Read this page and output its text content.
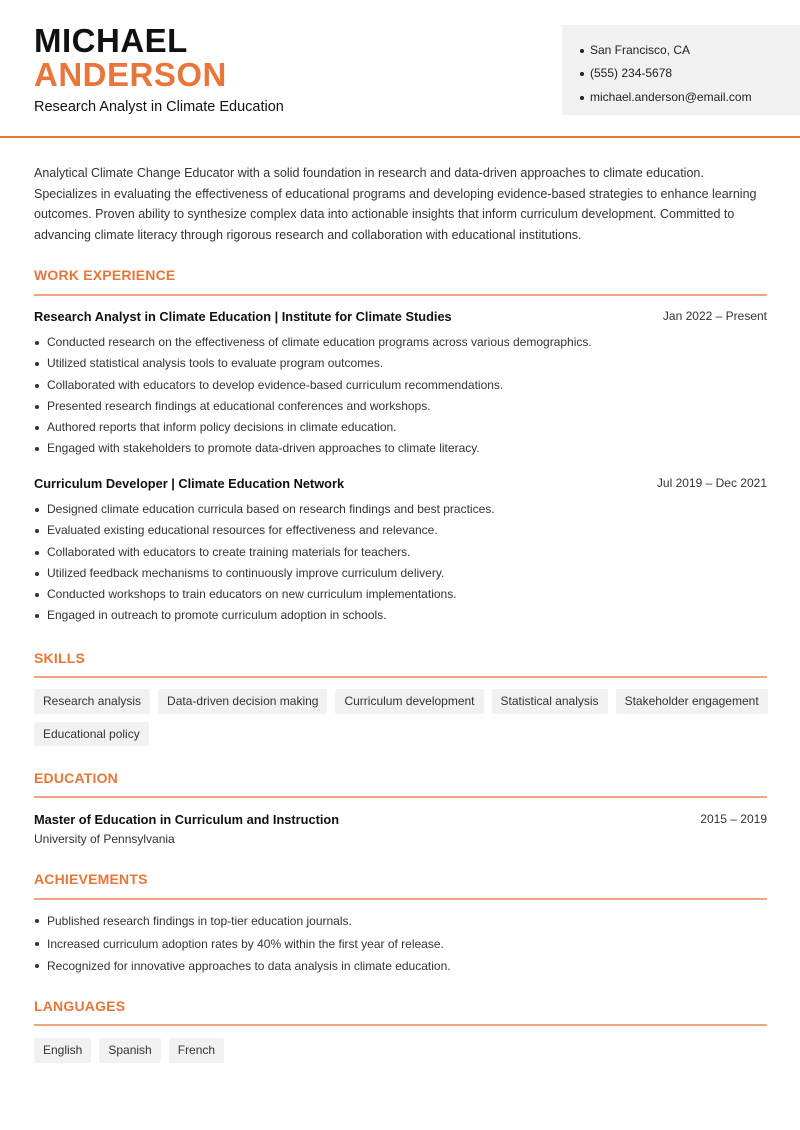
MICHAEL
ANDERSON
Research Analyst in Climate Education
San Francisco, CA
(555) 234-5678
michael.anderson@email.com

Analytical Climate Change Educator with a solid foundation in research and data-driven approaches to climate education. Specializes in evaluating the effectiveness of educational programs and developing evidence-based strategies to enhance learning outcomes. Proven ability to synthesize complex data into actionable insights that inform curriculum development. Committed to advancing climate literacy through rigorous research and collaboration with educational institutions.

WORK EXPERIENCE
Research Analyst in Climate Education | Institute for Climate Studies	Jan 2022 – Present
Conducted research on the effectiveness of climate education programs across various demographics.
Utilized statistical analysis tools to evaluate program outcomes.
Collaborated with educators to develop evidence-based curriculum recommendations.
Presented research findings at educational conferences and workshops.
Authored reports that inform policy decisions in climate education.
Engaged with stakeholders to promote data-driven approaches to climate literacy.
Curriculum Developer | Climate Education Network	Jul 2019 – Dec 2021
Designed climate education curricula based on research findings and best practices.
Evaluated existing educational resources for effectiveness and relevance.
Collaborated with educators to create training materials for teachers.
Utilized feedback mechanisms to continuously improve curriculum delivery.
Conducted workshops to train educators on new curriculum implementations.
Engaged in outreach to promote curriculum adoption in schools.
SKILLS
Research analysis	Data-driven decision making	Curriculum development	Statistical analysis	Stakeholder engagement
Educational policy
EDUCATION
Master of Education in Curriculum and Instruction	2015 – 2019
University of Pennsylvania
ACHIEVEMENTS
Published research findings in top-tier education journals.
Increased curriculum adoption rates by 40% within the first year of release.
Recognized for innovative approaches to data analysis in climate education.
LANGUAGES
English	Spanish	French
